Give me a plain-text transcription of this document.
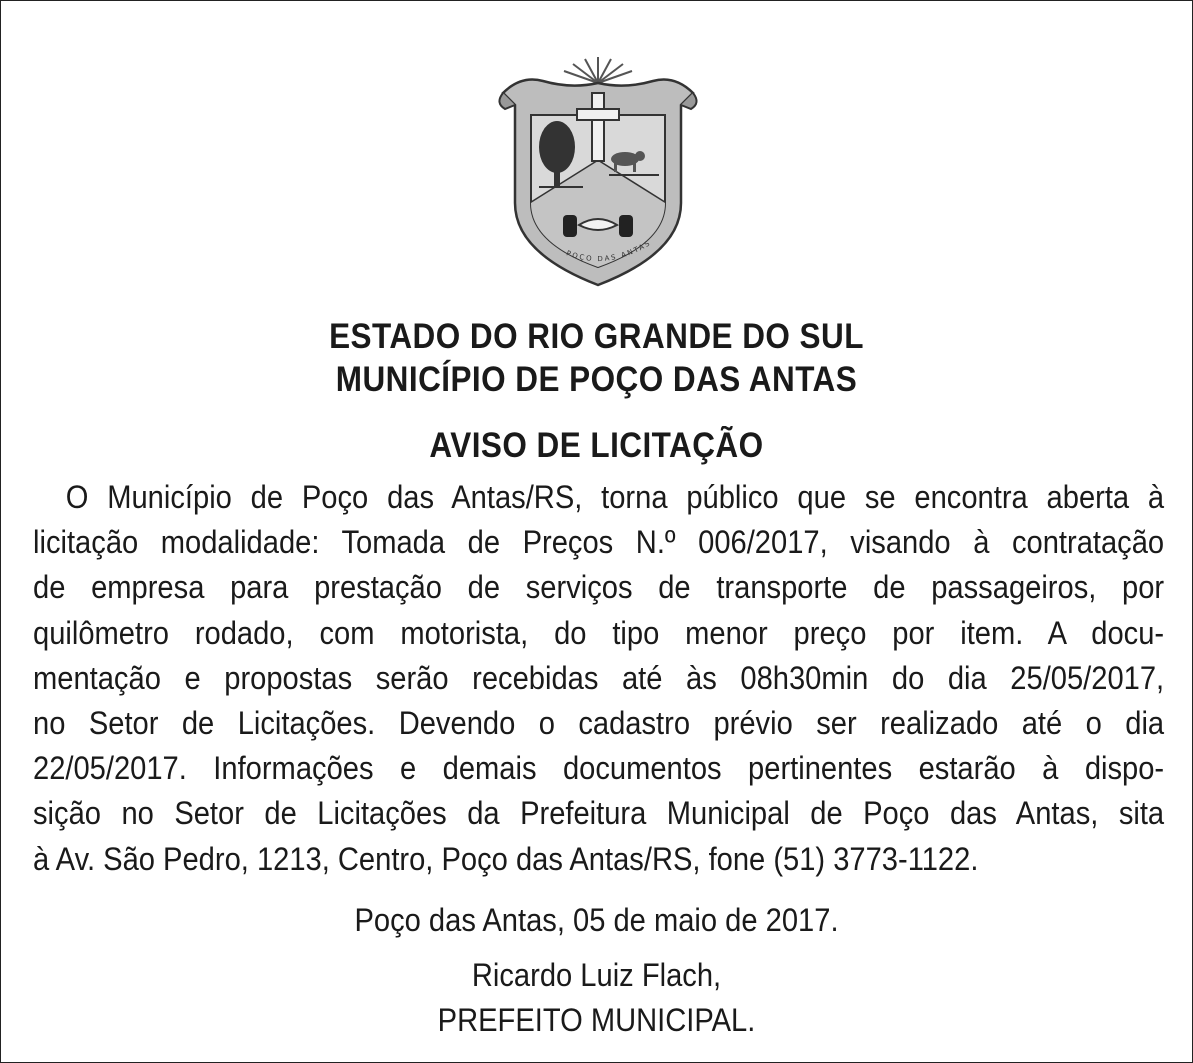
POÇO DAS ANTAS
ESTADO DO RIO GRANDE DO SUL
MUNICÍPIO DE POÇO DAS ANTAS
AVISO DE LICITAÇÃO
O Município de Poço das Antas/RS, torna público que se encontra aberta à
licitação modalidade: Tomada de Preços N.º 006/2017, visando à contratação
de empresa para prestação de serviços de transporte de passageiros, por
quilômetro rodado, com motorista, do tipo menor preço por item. A docu-
mentação e propostas serão recebidas até às 08h30min do dia 25/05/2017,
no Setor de Licitações. Devendo o cadastro prévio ser realizado até o dia
22/05/2017. Informações e demais documentos pertinentes estarão à dispo-
sição no Setor de Licitações da Prefeitura Municipal de Poço das Antas, sita
à Av. São Pedro, 1213, Centro, Poço das Antas/RS, fone (51) 3773-1122.
Poço das Antas, 05 de maio de 2017.
Ricardo Luiz Flach,
PREFEITO MUNICIPAL.
